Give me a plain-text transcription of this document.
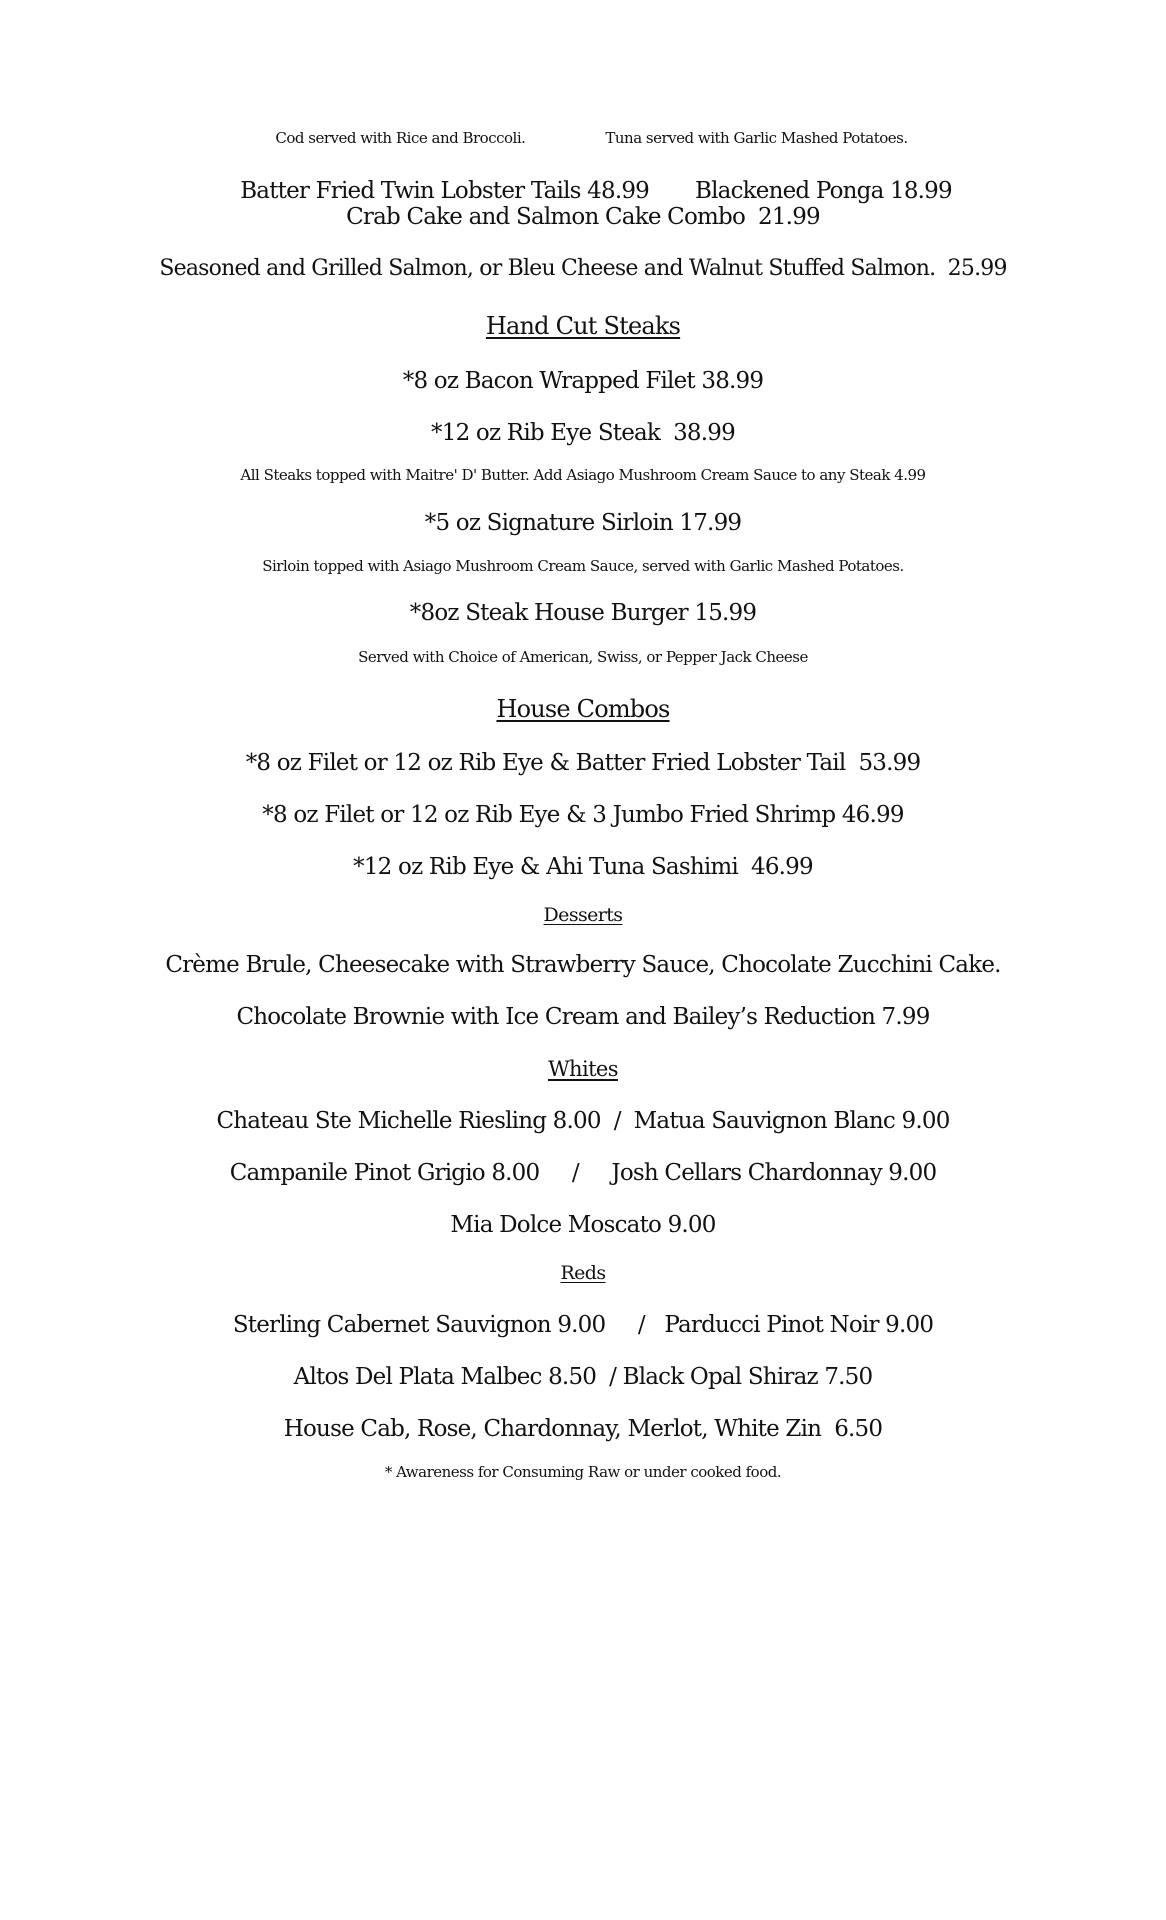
Cod served with Rice and Broccoli.	Tuna served with Garlic Mashed Potatoes.

Batter Fried Twin Lobster Tails 48.99 Blackened Ponga 18.99

Crab Cake and Salmon Cake Combo  21.99
Seasoned and Grilled Salmon, or Bleu Cheese and Walnut Stuffed Salmon.  25.99
Hand Cut Steaks
*8 oz Bacon Wrapped Filet 38.99
*12 oz Rib Eye Steak  38.99
All Steaks topped with Maitre' D' Butter. Add Asiago Mushroom Cream Sauce to any Steak 4.99
*5 oz Signature Sirloin 17.99
Sirloin topped with Asiago Mushroom Cream Sauce, served with Garlic Mashed Potatoes.
*8oz Steak House Burger 15.99
Served with Choice of American, Swiss, or Pepper Jack Cheese
House Combos
*8 oz Filet or 12 oz Rib Eye & Batter Fried Lobster Tail  53.99
*8 oz Filet or 12 oz Rib Eye & 3 Jumbo Fried Shrimp 46.99
*12 oz Rib Eye & Ahi Tuna Sashimi  46.99
Desserts
Crème Brule, Cheesecake with Strawberry Sauce, Chocolate Zucchini Cake.
Chocolate Brownie with Ice Cream and Bailey’s Reduction 7.99
Whites
Chateau Ste Michelle Riesling 8.00  /  Matua Sauvignon Blanc 9.00
Campanile Pinot Grigio 8.00     /     Josh Cellars Chardonnay 9.00
Mia Dolce Moscato 9.00
Reds
Sterling Cabernet Sauvignon 9.00     /   Parducci Pinot Noir 9.00
Altos Del Plata Malbec 8.50  / Black Opal Shiraz 7.50
House Cab, Rose, Chardonnay, Merlot, White Zin  6.50
* Awareness for Consuming Raw or under cooked food.
